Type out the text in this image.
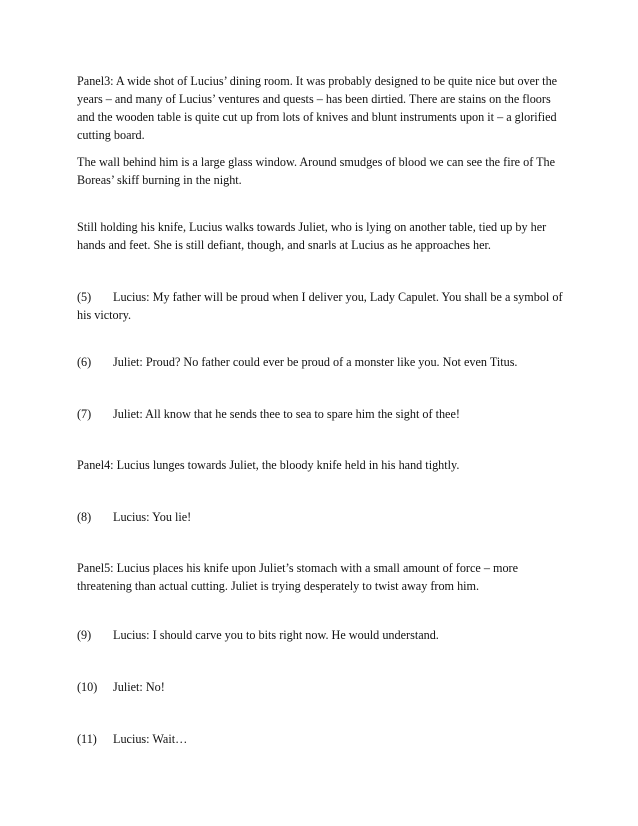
Panel3: A wide shot of Lucius’ dining room. It was probably designed to be quite nice but over the years – and many of Lucius’ ventures and quests – has been dirtied. There are stains on the floors and the wooden table is quite cut up from lots of knives and blunt instruments upon it – a glorified cutting board.
The wall behind him is a large glass window. Around smudges of blood we can see the fire of The Boreas’ skiff burning in the night.
Still holding his knife, Lucius walks towards Juliet, who is lying on another table, tied up by her hands and feet. She is still defiant, though, and snarls at Lucius as he approaches her.
(5) Lucius: My father will be proud when I deliver you, Lady Capulet. You shall be a symbol of his victory.
(6) Juliet: Proud? No father could ever be proud of a monster like you. Not even Titus.
(7) Juliet: All know that he sends thee to sea to spare him the sight of thee!
Panel4: Lucius lunges towards Juliet, the bloody knife held in his hand tightly.
(8) Lucius: You lie!
Panel5: Lucius places his knife upon Juliet’s stomach with a small amount of force – more threatening than actual cutting. Juliet is trying desperately to twist away from him.
(9) Lucius: I should carve you to bits right now. He would understand.
(10) Juliet: No!
(11) Lucius: Wait…
